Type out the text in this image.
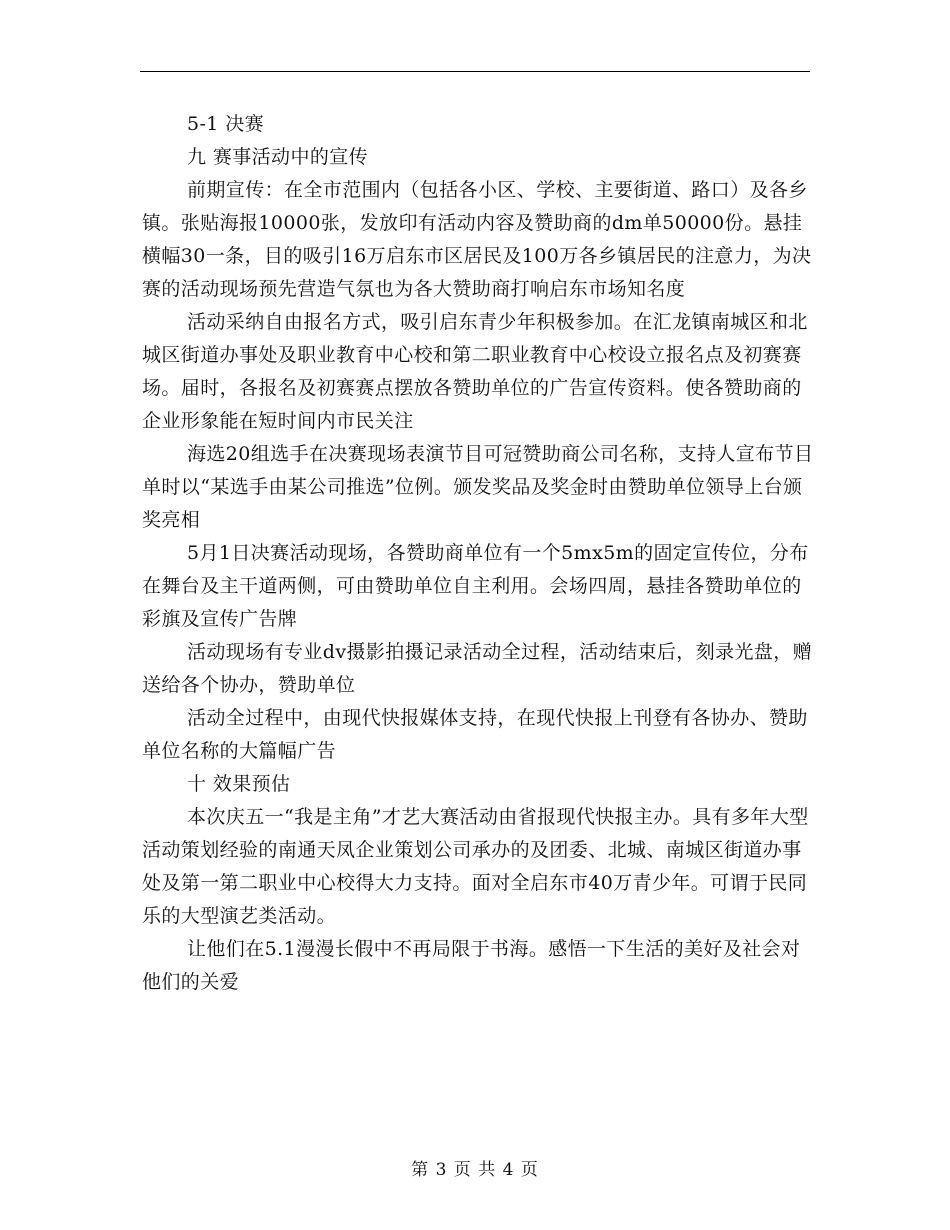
5-1 决赛

九 赛事活动中的宣传

前期宣传：在全市范围内（包括各小区、学校、主要街道、路口）及各乡镇。张贴海报10000张，发放印有活动内容及赞助商的dm单50000份。悬挂横幅30一条，目的吸引16万启东市区居民及100万各乡镇居民的注意力，为决赛的活动现场预先营造气氛也为各大赞助商打响启东市场知名度

活动采纳自由报名方式，吸引启东青少年积极参加。在汇龙镇南城区和北城区街道办事处及职业教育中心校和第二职业教育中心校设立报名点及初赛赛场。届时，各报名及初赛赛点摆放各赞助单位的广告宣传资料。使各赞助商的企业形象能在短时间内市民关注

海选20组选手在决赛现场表演节目可冠赞助商公司名称，支持人宣布节目单时以“某选手由某公司推选”位例。颁发奖品及奖金时由赞助单位领导上台颁奖亮相

5月1日决赛活动现场，各赞助商单位有一个5mx5m的固定宣传位，分布在舞台及主干道两侧，可由赞助单位自主利用。会场四周，悬挂各赞助单位的彩旗及宣传广告牌

活动现场有专业dv摄影拍摄记录活动全过程，活动结束后，刻录光盘，赠送给各个协办，赞助单位

活动全过程中，由现代快报媒体支持，在现代快报上刊登有各协办、赞助单位名称的大篇幅广告

十 效果预估

本次庆五一“我是主角”才艺大赛活动由省报现代快报主办。具有多年大型活动策划经验的南通天凤企业策划公司承办的及团委、北城、南城区街道办事处及第一第二职业中心校得大力支持。面对全启东市40万青少年。可谓于民同乐的大型演艺类活动。

让他们在5.1漫漫长假中不再局限于书海。感悟一下生活的美好及社会对他们的关爱

第 3 页 共 4 页
